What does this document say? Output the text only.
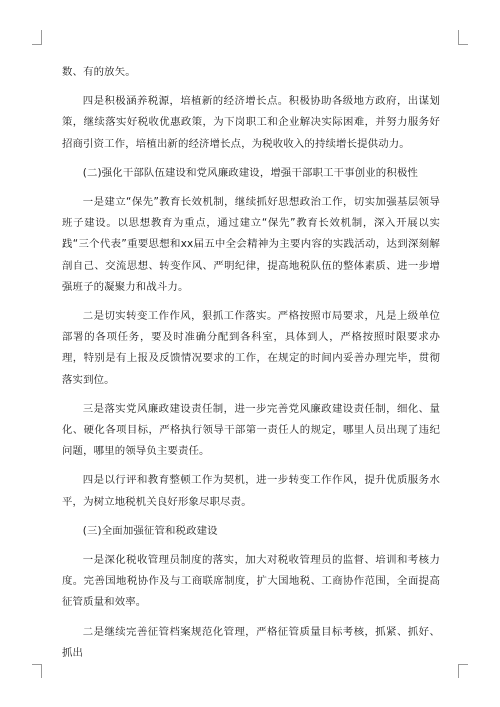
数、有的放矢。

四是积极涵养税源，培植新的经济增长点。积极协助各级地方政府，出谋划策，继续落实好税收优惠政策，为下岗职工和企业解决实际困难，并努力服务好招商引资工作，培植出新的经济增长点，为税收收入的持续增长提供动力。

(二)强化干部队伍建设和党风廉政建设，增强干部职工干事创业的积极性

一是建立“保先”教育长效机制，继续抓好思想政治工作，切实加强基层领导班子建设。以思想教育为重点，通过建立“保先”教育长效机制，深入开展以实践“三个代表”重要思想和xx届五中全会精神为主要内容的实践活动，达到深刻解剖自己、交流思想、转变作风、严明纪律，提高地税队伍的整体素质、进一步增强班子的凝聚力和战斗力。

二是切实转变工作作风，狠抓工作落实。严格按照市局要求，凡是上级单位部署的各项任务，要及时准确分配到各科室，具体到人，严格按照时限要求办理，特别是有上报及反馈情况要求的工作，在规定的时间内妥善办理完毕，贯彻落实到位。

三是落实党风廉政建设责任制，进一步完善党风廉政建设责任制，细化、量化、硬化各项目标，严格执行领导干部第一责任人的规定，哪里人员出现了违纪问题，哪里的领导负主要责任。

四是以行评和教育整顿工作为契机，进一步转变工作作风，提升优质服务水平，为树立地税机关良好形象尽职尽责。

(三)全面加强征管和税政建设

一是深化税收管理员制度的落实，加大对税收管理员的监督、培训和考核力度。完善国地税协作及与工商联席制度，扩大国地税、工商协作范围，全面提高征管质量和效率。

二是继续完善征管档案规范化管理，严格征管质量目标考核，抓紧、抓好、抓出
